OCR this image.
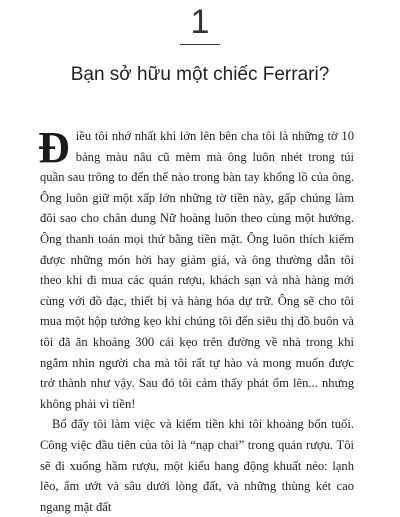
1
Bạn sở hữu một chiếc Ferrari?

Điều tôi nhớ nhất khi lớn lên bên cha tôi là những tờ 10 bảng màu nâu cũ mèm mà ông luôn nhét trong túi quần sau trông to đến thế nào trong bàn tay khổng lồ của ông. Ông luôn giữ một xấp lớn những tờ tiền này, gấp chúng làm đôi sao cho chân dung Nữ hoàng luôn theo cùng một hướng. Ông thanh toán mọi thứ bằng tiền mặt. Ông luôn thích kiếm được những món hời hay giảm giá, và ông thường dẫn tôi theo khi đi mua các quán rượu, khách sạn và nhà hàng mới cùng với đồ đạc, thiết bị và hàng hóa dự trữ. Ông sẽ cho tôi mua một hộp tướng kẹo khi chúng tôi đến siêu thị đồ buôn và tôi đã ăn khoảng 300 cái kẹo trên đường về nhà trong khi ngắm nhìn người cha mà tôi rất tự hào và mong muốn được trở thành như vậy. Sau đó tôi cảm thấy phát ốm lên... nhưng không phải vì tiền!

Bố đẩy tôi làm việc và kiếm tiền khi tôi khoảng bốn tuổi. Công việc đầu tiên của tôi là “nạp chai” trong quán rượu. Tôi sẽ đi xuống hầm rượu, một kiểu hang động khuất nẻo: lạnh lẽo, ẩm ướt và sâu dưới lòng đất, và những thùng két cao ngang mặt đất
